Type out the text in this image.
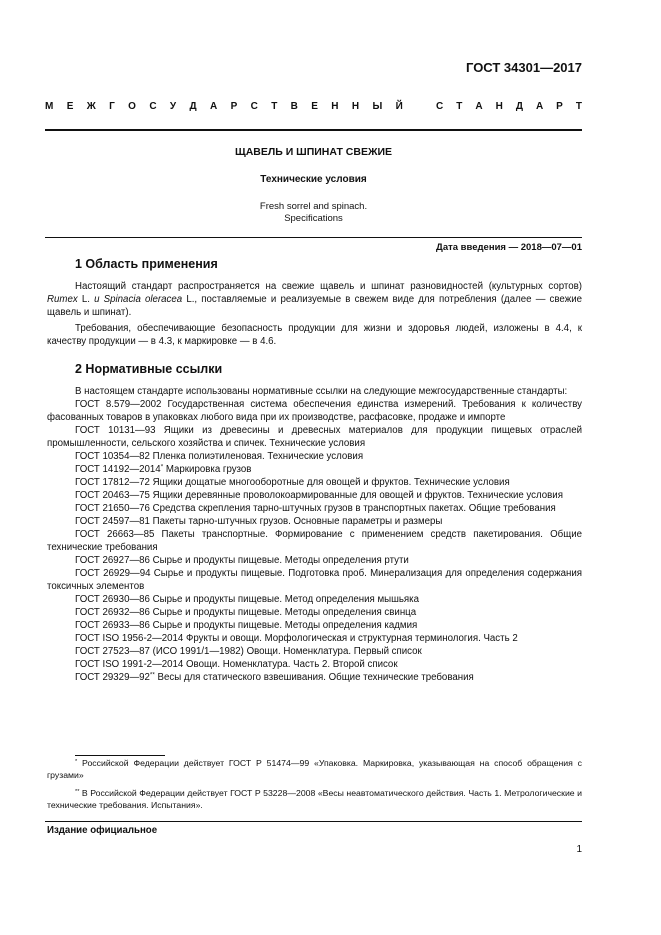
ГОСТ 34301—2017
М Е Ж Г О С У Д А Р С Т В Е Н Н Ы Й	С Т А Н Д А Р Т
ЩАВЕЛЬ И ШПИНАТ СВЕЖИЕ
Технические условия
Fresh sorrel and spinach.
Specifications
Дата введения — 2018—07—01
1 Область применения

Настоящий стандарт распространяется на свежие щавель и шпинат разновидностей (культурных сортов) Rumex L. и Spinacia oleracea L., поставляемые и реализуемые в свежем виде для потребления (далее — свежие щавель и шпинат).

Требования, обеспечивающие безопасность продукции для жизни и здоровья людей, изложены в 4.4, к качеству продукции — в 4.3, к маркировке — в 4.6.

2 Нормативные ссылки
В настоящем стандарте использованы нормативные ссылки на следующие межгосударственные стандарты:
ГОСТ 8.579—2002 Государственная система обеспечения единства измерений. Требования к количеству фасованных товаров в упаковках любого вида при их производстве, расфасовке, продаже и импорте
ГОСТ 10131—93 Ящики из древесины и древесных материалов для продукции пищевых отраслей промышленности, сельского хозяйства и спичек. Технические условия
ГОСТ 10354—82 Пленка полиэтиленовая. Технические условия
ГОСТ 14192—2014* Маркировка грузов
ГОСТ 17812—72 Ящики дощатые многооборотные для овощей и фруктов. Технические условия
ГОСТ 20463—75 Ящики деревянные проволокоармированные для овощей и фруктов. Технические условия
ГОСТ 21650—76 Средства скрепления тарно-штучных грузов в транспортных пакетах. Общие требования
ГОСТ 24597—81 Пакеты тарно-штучных грузов. Основные параметры и размеры
ГОСТ 26663—85 Пакеты транспортные. Формирование с применением средств пакетирования. Общие технические требования
ГОСТ 26927—86 Сырье и продукты пищевые. Методы определения ртути
ГОСТ 26929—94 Сырье и продукты пищевые. Подготовка проб. Минерализация для определения содержания токсичных элементов
ГОСТ 26930—86 Сырье и продукты пищевые. Метод определения мышьяка
ГОСТ 26932—86 Сырье и продукты пищевые. Методы определения свинца
ГОСТ 26933—86 Сырье и продукты пищевые. Методы определения кадмия
ГОСТ ISO 1956-2—2014 Фрукты и овощи. Морфологическая и структурная терминология. Часть 2
ГОСТ 27523—87 (ИСО 1991/1—1982) Овощи. Номенклатура. Первый список
ГОСТ ISO 1991-2—2014 Овощи. Номенклатура. Часть 2. Второй список
ГОСТ 29329—92** Весы для статического взвешивания. Общие технические требования

* Российской Федерации действует ГОСТ Р 51474—99 «Упаковка. Маркировка, указывающая на способ обращения с грузами»

** В Российской Федерации действует ГОСТ Р 53228—2008 «Весы неавтоматического действия. Часть 1. Метрологические и технические требования. Испытания».

Издание официальное
1
